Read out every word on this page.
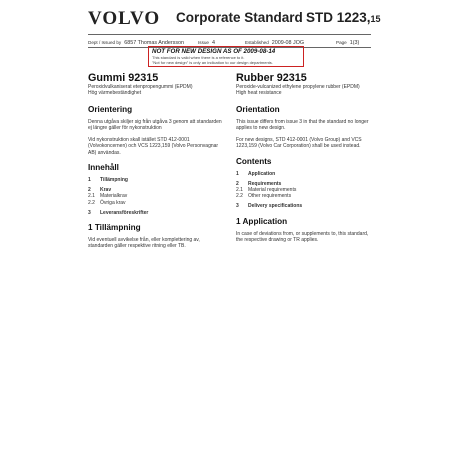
VOLVO Corporate Standard STD 1223,15
Dept / Issued by 6857 Thomas Andersson	Issue 4	Established 2009-08 JOG	Page 1(3)
NOT FOR NEW DESIGN AS OF 2009-08-14
This standard is valid when there is a reference to it.
"Not for new design" is only an indication to our design departments.

Gummi 92315

Peroxidvulkaniserat etenpropengummi (EPDM)

Hög värmebeständighet

Orientering

Denna utgåva skiljer sig från utgåva 3 genom att standarden ej längre gäller för nykonstruktion

Vid nykonstruktion skall istället STD 412-0001 (Volvokoncernen) och VCS 1223,159 (Volvo Personvagnar AB) användas.

Innehåll

1	Tillämpning
2	Krav
2.1	Materialkrav
2.2	Övriga krav
3	Leveransföreskrifter

1 Tillämpning

Vid eventuell avvikelse från, eller komplettering av, standarden gäller respektive ritning eller TB.

Rubber 92315

Peroxide-vulcanized ethylene propylene rubber (EPDM)

High heat resistance

Orientation

This issue differs from issue 3 in that the standard no longer applies to new design.

For new designs, STD 412-0001 (Volvo Group) and VCS 1223,159 (Volvo Car Corporation) shall be used instead.

Contents

1	Application
2	Requirements
2.1	Material requirements
2.2	Other requirements
3	Delivery specifications

1 Application

In case of deviations from, or supplements to, this standard, the respective drawing or TR applies.
